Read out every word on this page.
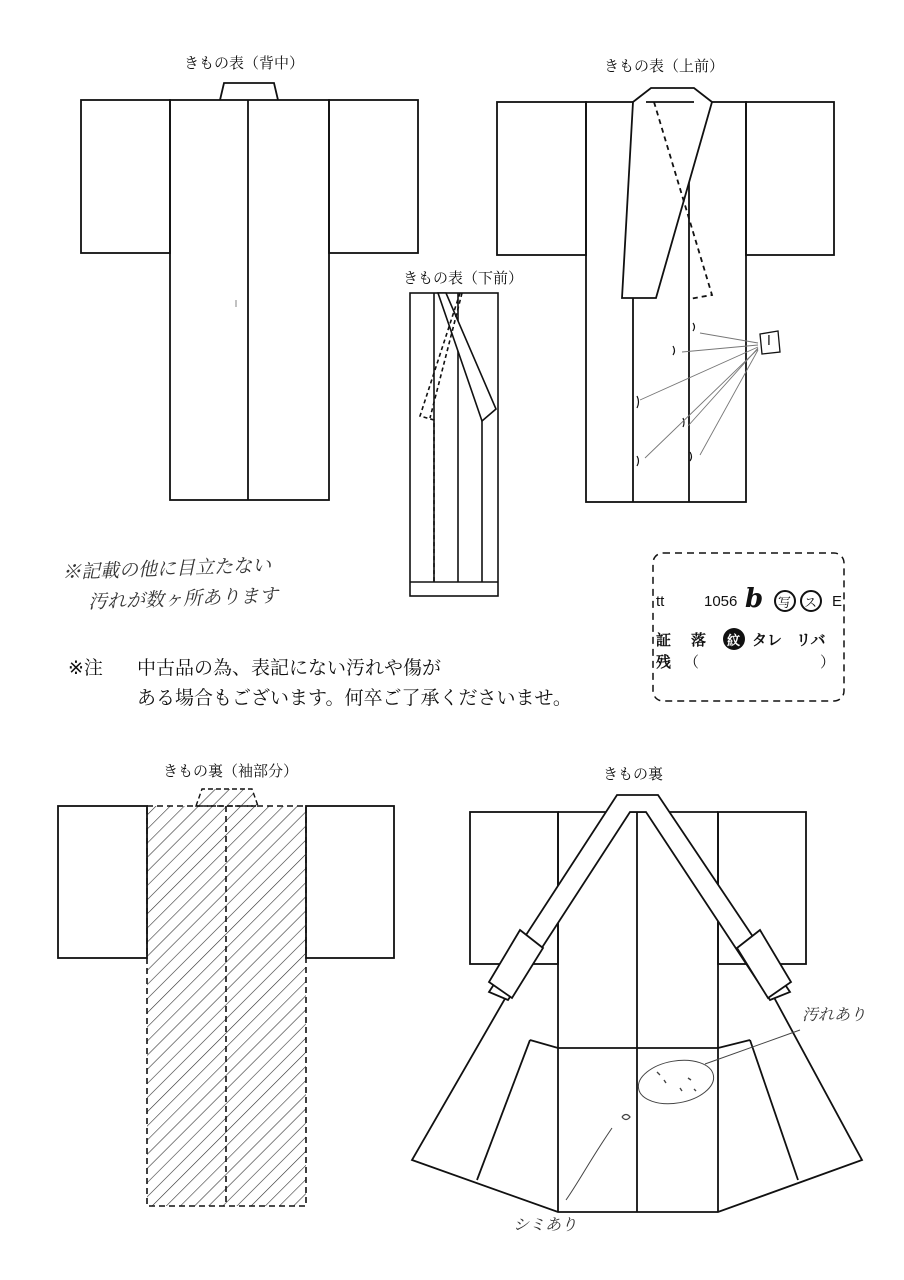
きもの表（背中）	きもの表（上前）
きもの表（下前）
きもの裏（袖部分）	きもの裏
※記載の他に目立たない
汚れが数ヶ所あります
汚れあり
シミあり
I
※注 中古品の為、表記にない汚れや傷が
ある場合もございます。何卒ご了承くださいませ。
tt	1056 b 写 ス E
証 落 紋 タレ リバ
残 （	）
